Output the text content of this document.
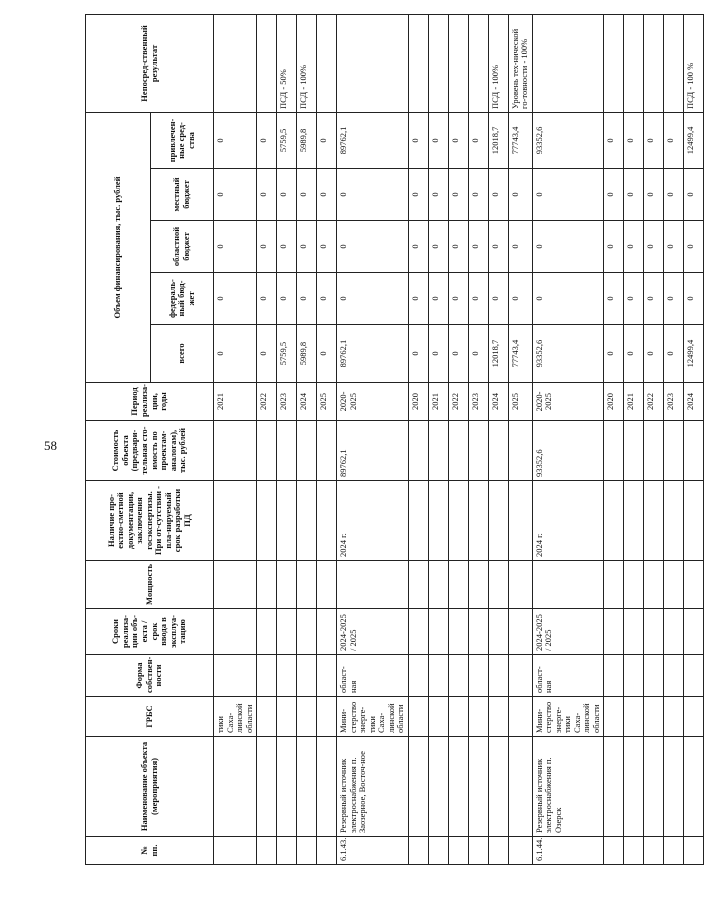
58
№ пп.	Наименование объекта (мероприятия)	ГРБС	Форма собствен-ности	Сроки реализа-ции объ-екта / срок ввода в эксплуа-тацию	Мощность	Наличие про-ектно-сметной документации, заключения госэкспертизы. При от-сутствии - пла-нируемый срок разработки ПД	Стоимость объекта (предвари-тельная сто-имость по проектам-аналогам), тыс. рублей	Период реализа-ции, годы	Объем финансирования, тыс. рублей					Непосред-ственный результат
									всего	федераль-ный бюд-жет	областной бюджет	местный бюджет	привлечен-ные сред-ства	
		тики Саха-линской области						2021	0	0	0	0	0	
								2022	0	0	0	0	0	
								2023	5759,5	0	0	0	5759,5	ПСД - 50%
								2024	5989,8	0	0	0	5989,8	ПСД - 100%
								2025	0	0	0	0	0	
6.1.43.	Резервный источник электроснабжения п. Заозерное, Восточ-ное	Мини-стерство энерге-тики Саха-линской области	област-ная	2024-2025 / 2025		2024 г.	89762,1	2020-2025	89762,1	0	0	0	89762,1	
								2020	0	0	0	0	0	
								2021	0	0	0	0	0	
								2022	0	0	0	0	0	
								2023	0	0	0	0	0	
								2024	12018,7	0	0	0	12018,7	ПСД - 100%
								2025	77743,4	0	0	0	77743,4	Уровень тех-нической го-товности - 100%
6.1.44.	Резервный источник электроснабжения п. Озерск	Мини-стерство энерге-тики Саха-линской области	област-ная	2024-2025 / 2025		2024 г.	93352,6	2020-2025	93352,6	0	0	0	93352,6	
								2020	0	0	0	0	0	
								2021	0	0	0	0	0	
								2022	0	0	0	0	0	
								2023	0	0	0	0	0	
								2024	12499,4	0	0	0	12499,4	ПСД - 100 %
